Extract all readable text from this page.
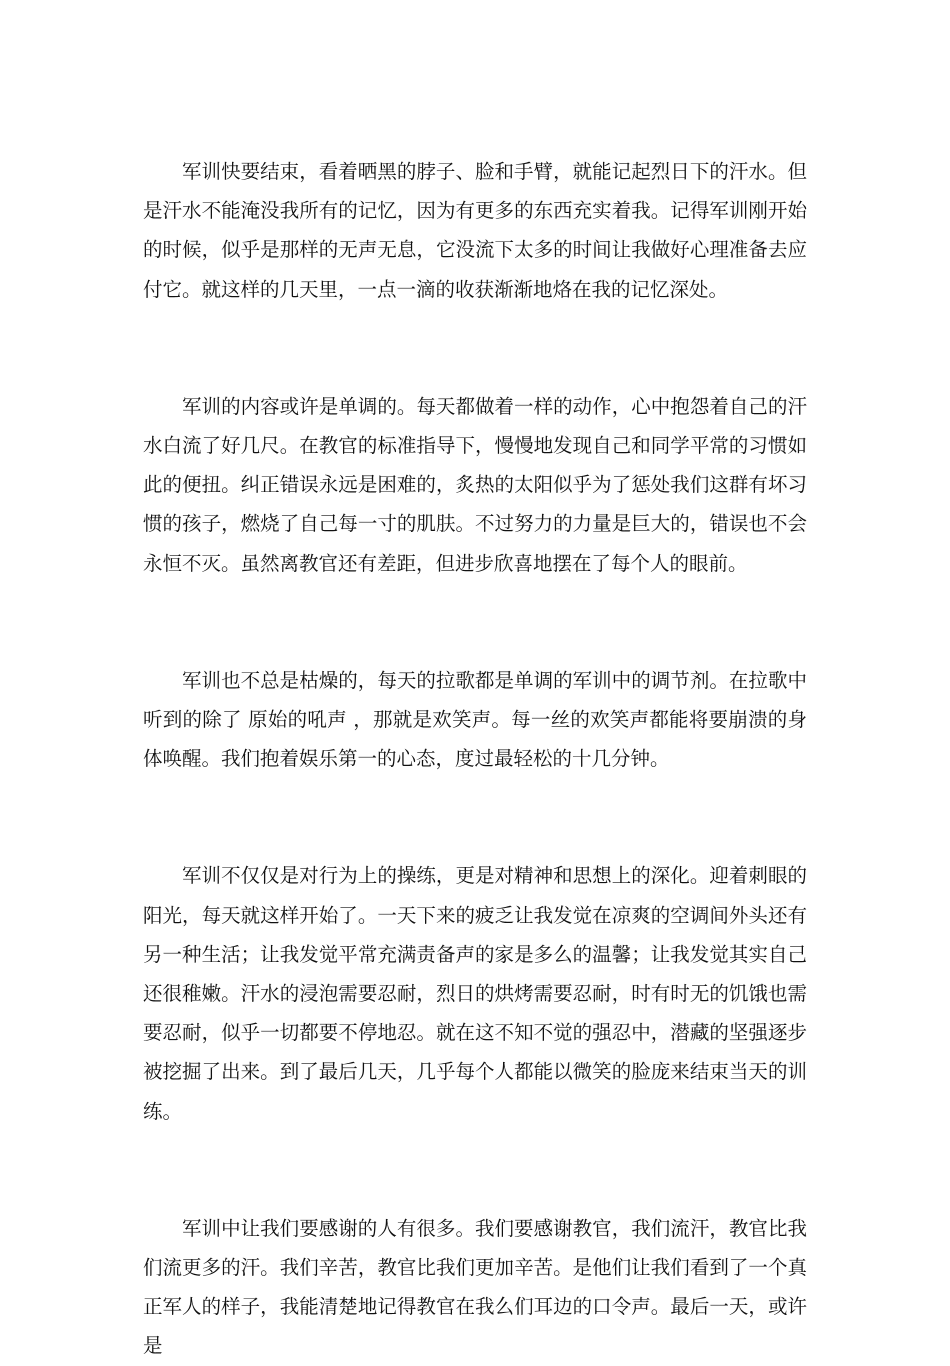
军训快要结束，看着晒黑的脖子、脸和手臂，就能记起烈日下的汗水。但是汗水不能淹没我所有的记忆，因为有更多的东西充实着我。记得军训刚开始的时候，似乎是那样的无声无息，它没流下太多的时间让我做好心理准备去应付它。就这样的几天里，一点一滴的收获渐渐地烙在我的记忆深处。

军训的内容或许是单调的。每天都做着一样的动作，心中抱怨着自己的汗水白流了好几尺。在教官的标准指导下，慢慢地发现自己和同学平常的习惯如此的便扭。纠正错误永远是困难的，炙热的太阳似乎为了惩处我们这群有坏习惯的孩子，燃烧了自己每一寸的肌肤。不过努力的力量是巨大的，错误也不会永恒不灭。虽然离教官还有差距，但进步欣喜地摆在了每个人的眼前。

军训也不总是枯燥的，每天的拉歌都是单调的军训中的调节剂。在拉歌中听到的除了 原始的吼声 ，那就是欢笑声。每一丝的欢笑声都能将要崩溃的身体唤醒。我们抱着娱乐第一的心态，度过最轻松的十几分钟。

军训不仅仅是对行为上的操练，更是对精神和思想上的深化。迎着刺眼的阳光，每天就这样开始了。一天下来的疲乏让我发觉在凉爽的空调间外头还有另一种生活；让我发觉平常充满责备声的家是多么的温馨；让我发觉其实自己还很稚嫩。汗水的浸泡需要忍耐，烈日的烘烤需要忍耐，时有时无的饥饿也需要忍耐，似乎一切都要不停地忍。就在这不知不觉的强忍中，潜藏的坚强逐步被挖掘了出来。到了最后几天，几乎每个人都能以微笑的脸庞来结束当天的训练。

军训中让我们要感谢的人有很多。我们要感谢教官，我们流汗，教官比我们流更多的汗。我们辛苦，教官比我们更加辛苦。是他们让我们看到了一个真正军人的样子，我能清楚地记得教官在我么们耳边的口令声。最后一天，或许是
